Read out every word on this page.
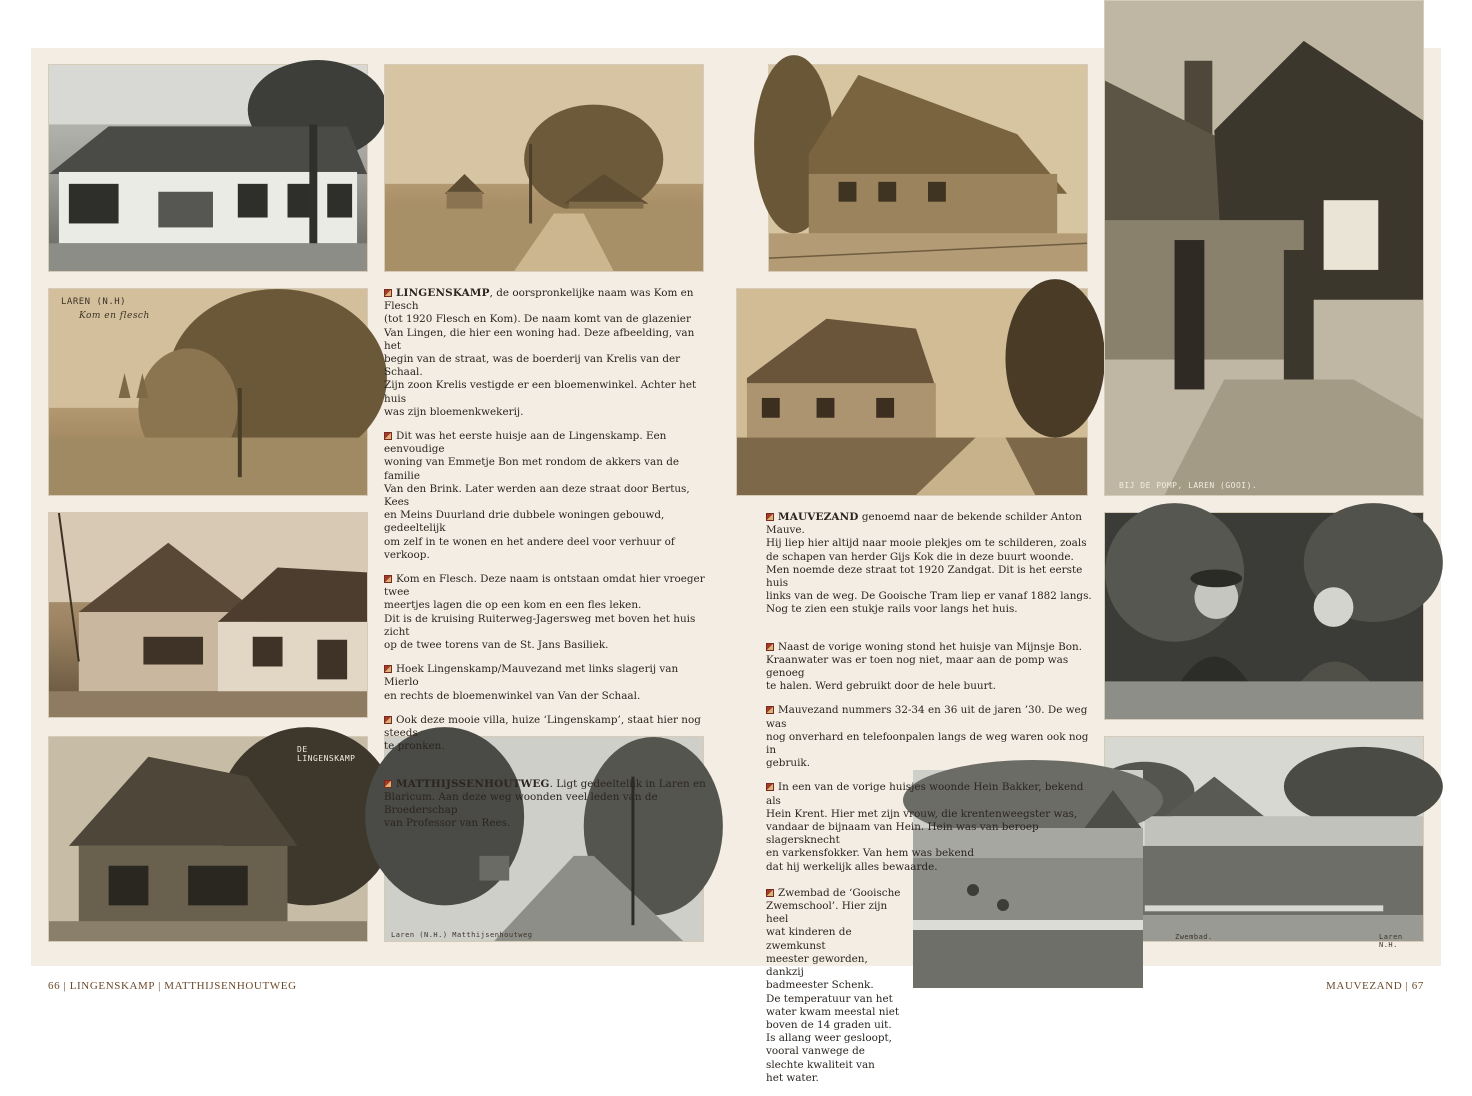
LAREN (N.H)
Kom en flesch
DE LINGENSKAMP
Laren (N.H.) Matthijsenhoutweg

LINGENSKAMP, de oorspronkelijke naam was Kom en Flesch
(tot 1920 Flesch en Kom). De naam komt van de glazenier
Van Lingen, die hier een woning had. Deze afbeelding, van het
begin van de straat, was de boerderij van Krelis van der Schaal.
Zijn zoon Krelis vestigde er een bloemenwinkel. Achter het huis
was zijn bloemenkwekerij.

Dit was het eerste huisje aan de Lingenskamp. Een eenvoudige
woning van Emmetje Bon met rondom de akkers van de familie
Van den Brink. Later werden aan deze straat door Bertus, Kees
en Meins Duurland drie dubbele woningen gebouwd, gedeeltelijk
om zelf in te wonen en het andere deel voor verhuur of verkoop.

Kom en Flesch. Deze naam is ontstaan omdat hier vroeger twee
meertjes lagen die op een kom en een fles leken.
Dit is de kruising Ruiterweg-Jagersweg met boven het huis zicht
op de twee torens van de St. Jans Basiliek.

Hoek Lingenskamp/Mauvezand met links slagerij van Mierlo
en rechts de bloemenwinkel van Van der Schaal.

Ook deze mooie villa, huize ‘Lingenskamp’, staat hier nog steeds
te pronken.

MATTHIJSSENHOUTWEG. Ligt gedeeltelijk in Laren en
Blaricum. Aan deze weg woonden veel leden van de Broederschap
van Professor van Rees.

BIJ DE POMP, LAREN (GOOI).
Zwembad.	Laren N.H.

MAUVEZAND genoemd naar de bekende schilder Anton Mauve.
Hij liep hier altijd naar mooie plekjes om te schilderen, zoals
de schapen van herder Gijs Kok die in deze buurt woonde.
Men noemde deze straat tot 1920 Zandgat. Dit is het eerste huis
links van de weg. De Gooische Tram liep er vanaf 1882 langs.
Nog te zien een stukje rails voor langs het huis.

Naast de vorige woning stond het huisje van Mijnsje Bon.
Kraanwater was er toen nog niet, maar aan de pomp was genoeg
te halen. Werd gebruikt door de hele buurt.

Mauvezand nummers 32-34 en 36 uit de jaren ’30. De weg was
nog onverhard en telefoonpalen langs de weg waren ook nog in
gebruik.

In een van de vorige huisjes woonde Hein Bakker, bekend als
Hein Krent. Hier met zijn vrouw, die krentenweegster was,
vandaar de bijnaam van Hein. Hein was van beroep slagersknecht
en varkensfokker. Van hem was bekend
dat hij werkelijk alles bewaarde.

Zwembad de ‘Gooische
Zwemschool’. Hier zijn heel
wat kinderen de zwemkunst
meester geworden, dankzij
badmeester Schenk.
De temperatuur van het
water kwam meestal niet
boven de 14 graden uit.
Is allang weer gesloopt,
vooral vanwege de
slechte kwaliteit van
het water.

66 | LINGENSKAMP | MATTHIJSENHOUTWEG	MAUVEZAND | 67
